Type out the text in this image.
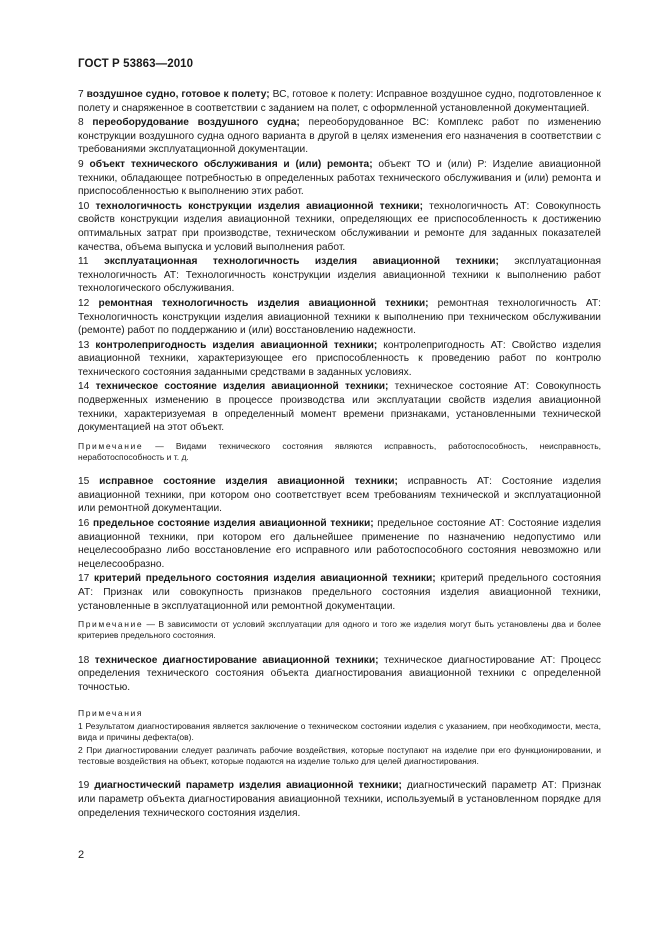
ГОСТ Р 53863—2010

7 воздушное судно, готовое к полету; ВС, готовое к полету: Исправное воздушное судно, подготовленное к полету и снаряженное в соответствии с заданием на полет, с оформленной установленной документацией.

8 переоборудование воздушного судна; переоборудованное ВС: Комплекс работ по изменению конструкции воздушного судна одного варианта в другой в целях изменения его назначения в соответствии с требованиями эксплуатационной документации.

9 объект технического обслуживания и (или) ремонта; объект ТО и (или) Р: Изделие авиационной техники, обладающее потребностью в определенных работах технического обслуживания и (или) ремонта и приспособленностью к выполнению этих работ.

10 технологичность конструкции изделия авиационной техники; технологичность АТ: Совокупность свойств конструкции изделия авиационной техники, определяющих ее приспособленность к достижению оптимальных затрат при производстве, техническом обслуживании и ремонте для заданных показателей качества, объема выпуска и условий выполнения работ.

11 эксплуатационная технологичность изделия авиационной техники; эксплуатационная технологичность АТ: Технологичность конструкции изделия авиационной техники к выполнению работ технологического обслуживания.

12 ремонтная технологичность изделия авиационной техники; ремонтная технологичность АТ: Технологичность конструкции изделия авиационной техники к выполнению при техническом обслуживании (ремонте) работ по поддержанию и (или) восстановлению надежности.

13 контролепригодность изделия авиационной техники; контролепригодность АТ: Свойство изделия авиационной техники, характеризующее его приспособленность к проведению работ по контролю технического состояния заданными средствами в заданных условиях.

14 техническое состояние изделия авиационной техники; техническое состояние АТ: Совокупность подверженных изменению в процессе производства или эксплуатации свойств изделия авиационной техники, характеризуемая в определенный момент времени признаками, установленными технической документацией на этот объект.

Примечание — Видами технического состояния являются исправность, работоспособность, неисправность, неработоспособность и т. д.

15 исправное состояние изделия авиационной техники; исправность АТ: Состояние изделия авиационной техники, при котором оно соответствует всем требованиям технической и эксплуатационной или ремонтной документации.

16 предельное состояние изделия авиационной техники; предельное состояние АТ: Состояние изделия авиационной техники, при котором его дальнейшее применение по назначению недопустимо или нецелесообразно либо восстановление его исправного или работоспособного состояния невозможно или нецелесообразно.

17 критерий предельного состояния изделия авиационной техники; критерий предельного состояния АТ: Признак или совокупность признаков предельного состояния изделия авиационной техники, установленные в эксплуатационной или ремонтной документации.

Примечание — В зависимости от условий эксплуатации для одного и того же изделия могут быть установлены два и более критериев предельного состояния.

18 техническое диагностирование авиационной техники; техническое диагностирование АТ: Процесс определения технического состояния объекта диагностирования авиационной техники с определенной точностью.

Примечания

1 Результатом диагностирования является заключение о техническом состоянии изделия с указанием, при необходимости, места, вида и причины дефекта(ов).

2 При диагностировании следует различать рабочие воздействия, которые поступают на изделие при его функционировании, и тестовые воздействия на объект, которые подаются на изделие только для целей диагностирования.

19 диагностический параметр изделия авиационной техники; диагностический параметр АТ: Признак или параметр объекта диагностирования авиационной техники, используемый в установленном порядке для определения технического состояния изделия.

2
